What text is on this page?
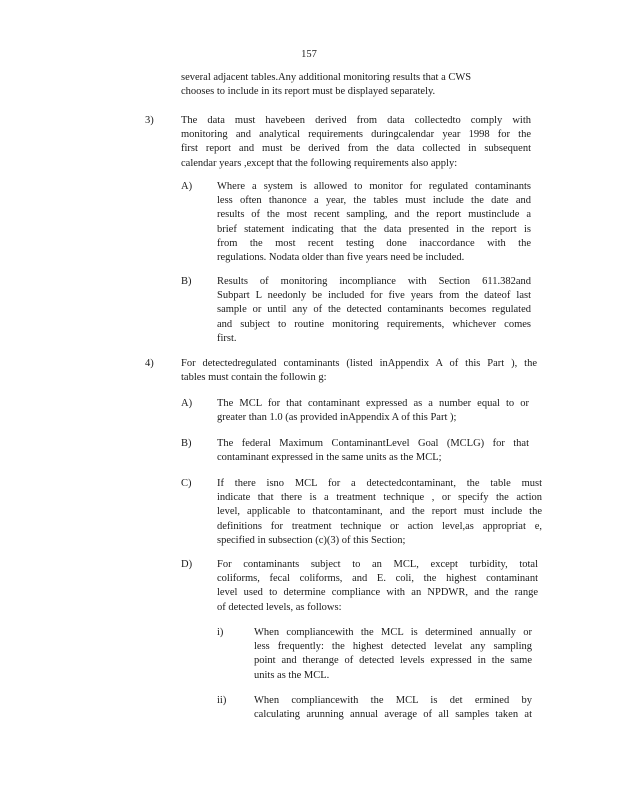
157
several adjacent tables.Any additional monitoring results that a CWS
chooses to include in its report must be displayed separately.
3)	The data must havebeen derived from data collectedto comply with
monitoring and analytical requirements duringcalendar year 1998 for the
first report and must be derived from the data collected in subsequent
calendar years ,except that the following requirements also apply:
A) Where a system is allowed to monitor for regulated contaminants
less often thanonce a year, the tables must include the date and
results of the most recent sampling, and the report mustinclude a
brief statement indicating that the data presented in the report is
from the most recent testing done inaccordance with the
regulations. Nodata older than five years need be included.
B) Results of monitoring incompliance with Section 611.382and
Subpart L needonly be included for five years from the dateof last
sample or until any of the detected contaminants becomes regulated
and subject to routine monitoring requirements, whichever comes
first.
4)	For detectedregulated contaminants (listed inAppendix A of this Part ), the
tables must contain the followin g:
A) The MCL for that contaminant expressed as a number equal to or
greater than 1.0 (as provided inAppendix A of this Part );
B) The federal Maximum ContaminantLevel Goal (MCLG) for that
contaminant expressed in the same units as the MCL;
C) If there isno MCL for a detectedcontaminant, the table must
indicate that there is a treatment technique , or specify the action
level, applicable to thatcontaminant, and the report must include the
definitions for treatment technique or action level,as appropriat e,
specified in subsection (c)(3) of this Section;
D) For contaminants subject to an MCL, except turbidity, total
coliforms, fecal coliforms, and E. coli, the highest contaminant
level used to determine compliance with an NPDWR, and the range
of detected levels, as follows:
i)	When compliancewith the MCL is determined annually or
less frequently: the highest detected levelat any sampling
point and therange of detected levels expressed in the same
units as the MCL.
ii)	When compliancewith the MCL is det ermined by
calculating arunning annual average of all samples taken at
